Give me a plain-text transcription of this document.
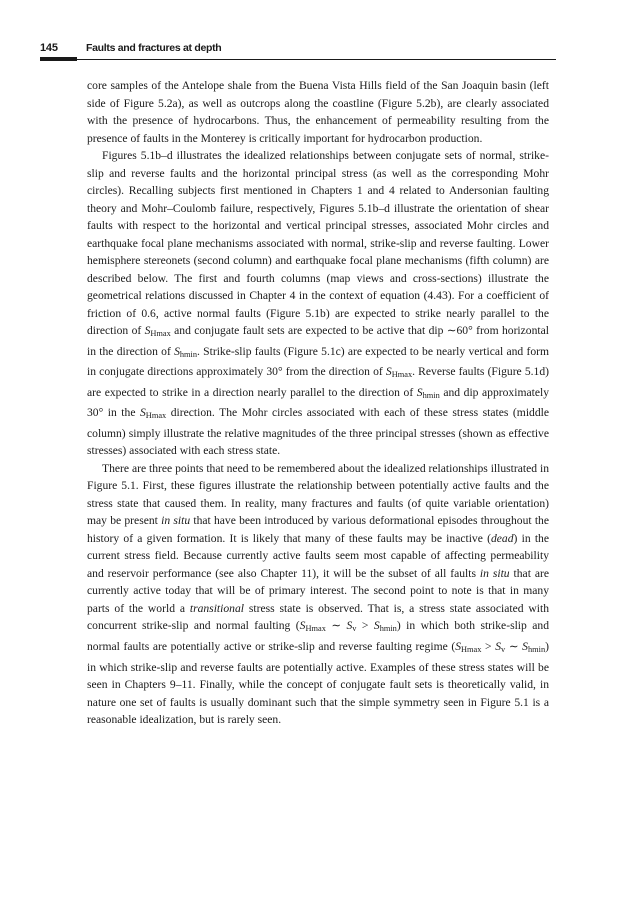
145	Faults and fractures at depth

core samples of the Antelope shale from the Buena Vista Hills field of the San Joaquin basin (left side of Figure 5.2a), as well as outcrops along the coastline (Figure 5.2b), are clearly associated with the presence of hydrocarbons. Thus, the enhancement of permeability resulting from the presence of faults in the Monterey is critically important for hydrocarbon production.

Figures 5.1b–d illustrates the idealized relationships between conjugate sets of normal, strike-slip and reverse faults and the horizontal principal stress (as well as the corresponding Mohr circles). Recalling subjects first mentioned in Chapters 1 and 4 related to Andersonian faulting theory and Mohr–Coulomb failure, respectively, Figures 5.1b–d illustrate the orientation of shear faults with respect to the horizontal and vertical principal stresses, associated Mohr circles and earthquake focal plane mechanisms associated with normal, strike-slip and reverse faulting. Lower hemisphere stereonets (second column) and earthquake focal plane mechanisms (fifth column) are described below. The first and fourth columns (map views and cross-sections) illustrate the geometrical relations discussed in Chapter 4 in the context of equation (4.43). For a coefficient of friction of 0.6, active normal faults (Figure 5.1b) are expected to strike nearly parallel to the direction of $S_{Hmax}$ and conjugate fault sets are expected to be active that dip ∼60° from horizontal in the direction of $S_{hmin}$. Strike-slip faults (Figure 5.1c) are expected to be nearly vertical and form in conjugate directions approximately 30° from the direction of $S_{Hmax}$. Reverse faults (Figure 5.1d) are expected to strike in a direction nearly parallel to the direction of $S_{hmin}$ and dip approximately 30° in the $S_{Hmax}$ direction. The Mohr circles associated with each of these stress states (middle column) simply illustrate the relative magnitudes of the three principal stresses (shown as effective stresses) associated with each stress state.

There are three points that need to be remembered about the idealized relationships illustrated in Figure 5.1. First, these figures illustrate the relationship between potentially active faults and the stress state that caused them. In reality, many fractures and faults (of quite variable orientation) may be present in situ that have been introduced by various deformational episodes throughout the history of a given formation. It is likely that many of these faults may be inactive (dead) in the current stress field. Because currently active faults seem most capable of affecting permeability and reservoir performance (see also Chapter 11), it will be the subset of all faults in situ that are currently active today that will be of primary interest. The second point to note is that in many parts of the world a transitional stress state is observed. That is, a stress state associated with concurrent strike-slip and normal faulting ($S_{Hmax}$ ∼ $S_v > S_{hmin}$) in which both strike-slip and normal faults are potentially active or strike-slip and reverse faulting regime ($S_{Hmax} > S_v$ ∼ $S_{hmin}$) in which strike-slip and reverse faults are potentially active. Examples of these stress states will be seen in Chapters 9–11. Finally, while the concept of conjugate fault sets is theoretically valid, in nature one set of faults is usually dominant such that the simple symmetry seen in Figure 5.1 is a reasonable idealization, but is rarely seen.
